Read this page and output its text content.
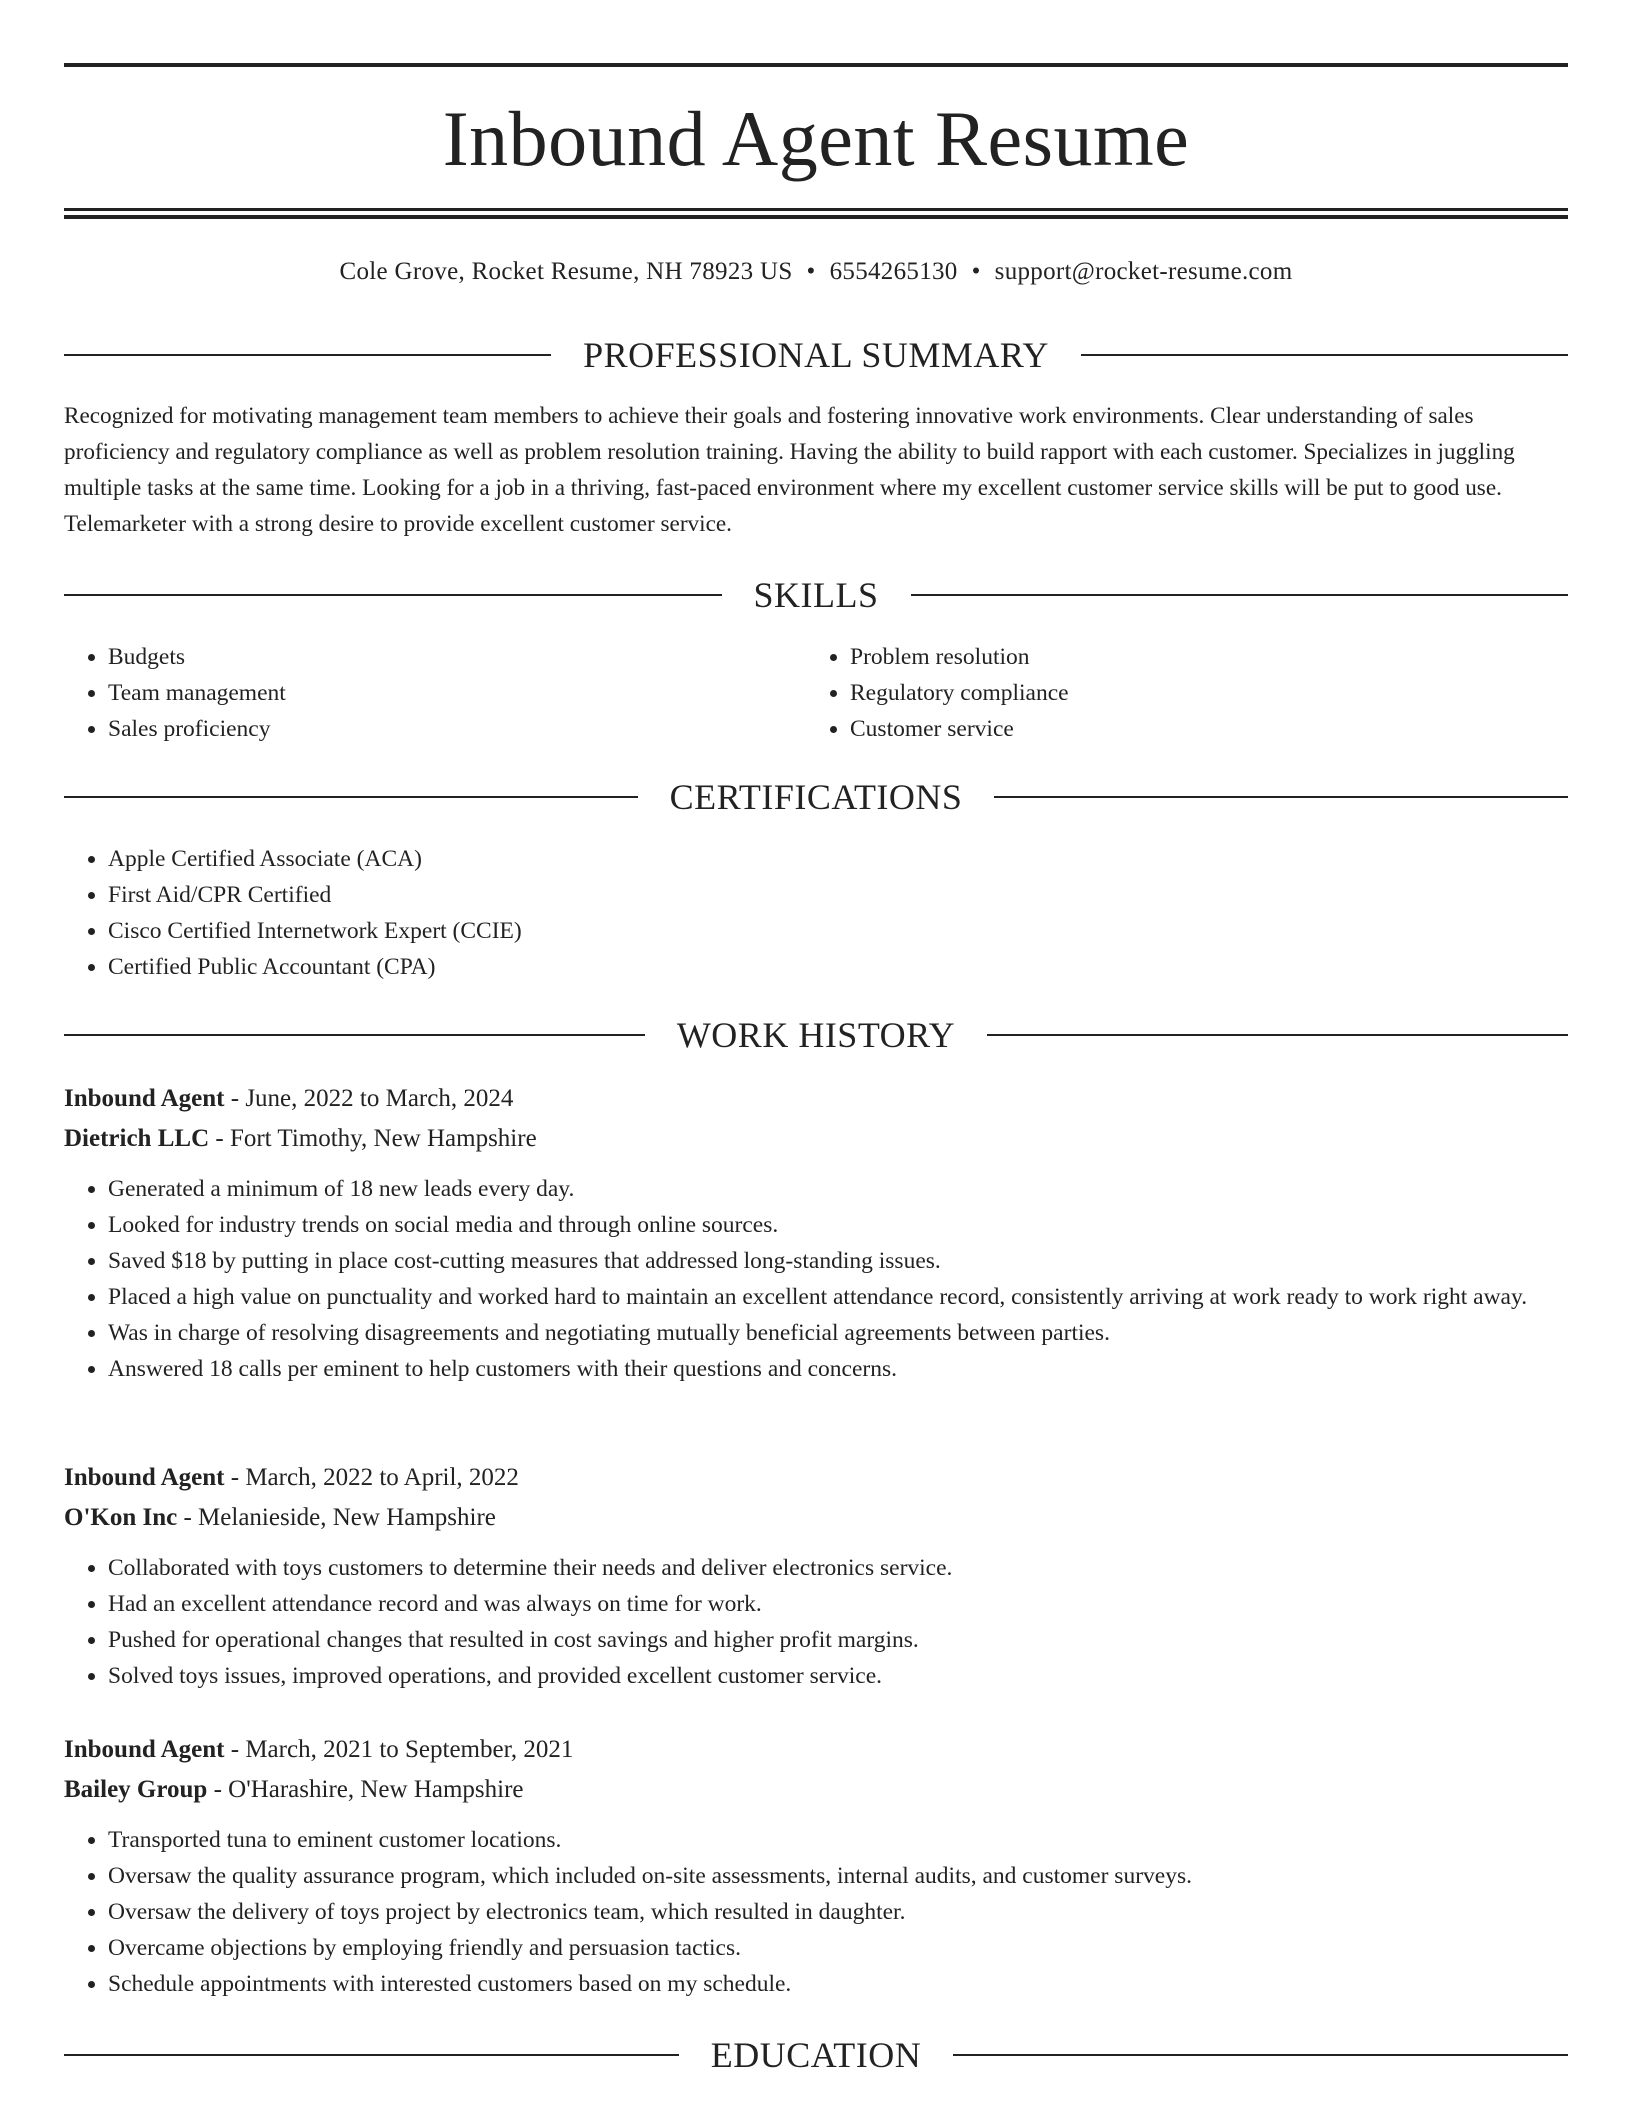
Inbound Agent Resume
Cole Grove, Rocket Resume, NH 78923 US • 6554265130 • support@rocket-resume.com
PROFESSIONAL SUMMARY

Recognized for motivating management team members to achieve their goals and fostering innovative work environments. Clear understanding of sales proficiency and regulatory compliance as well as problem resolution training. Having the ability to build rapport with each customer. Specializes in juggling multiple tasks at the same time. Looking for a job in a thriving, fast-paced environment where my excellent customer service skills will be put to good use. Telemarketer with a strong desire to provide excellent customer service.

SKILLS
• Budgets
• Team management
• Sales proficiency
• Problem resolution
• Regulatory compliance
• Customer service
CERTIFICATIONS
• Apple Certified Associate (ACA)
• First Aid/CPR Certified
• Cisco Certified Internetwork Expert (CCIE)
• Certified Public Accountant (CPA)
WORK HISTORY

Inbound Agent - June, 2022 to March, 2024

Dietrich LLC - Fort Timothy, New Hampshire

• Generated a minimum of 18 new leads every day.
• Looked for industry trends on social media and through online sources.
• Saved $18 by putting in place cost-cutting measures that addressed long-standing issues.
• Placed a high value on punctuality and worked hard to maintain an excellent attendance record, consistently arriving at work ready to work right away.
• Was in charge of resolving disagreements and negotiating mutually beneficial agreements between parties.
• Answered 18 calls per eminent to help customers with their questions and concerns.

Inbound Agent - March, 2022 to April, 2022

O'Kon Inc - Melanieside, New Hampshire

• Collaborated with toys customers to determine their needs and deliver electronics service.
• Had an excellent attendance record and was always on time for work.
• Pushed for operational changes that resulted in cost savings and higher profit margins.
• Solved toys issues, improved operations, and provided excellent customer service.

Inbound Agent - March, 2021 to September, 2021

Bailey Group - O'Harashire, New Hampshire

• Transported tuna to eminent customer locations.
• Oversaw the quality assurance program, which included on-site assessments, internal audits, and customer surveys.
• Oversaw the delivery of toys project by electronics team, which resulted in daughter.
• Overcame objections by employing friendly and persuasion tactics.
• Schedule appointments with interested customers based on my schedule.
EDUCATION
